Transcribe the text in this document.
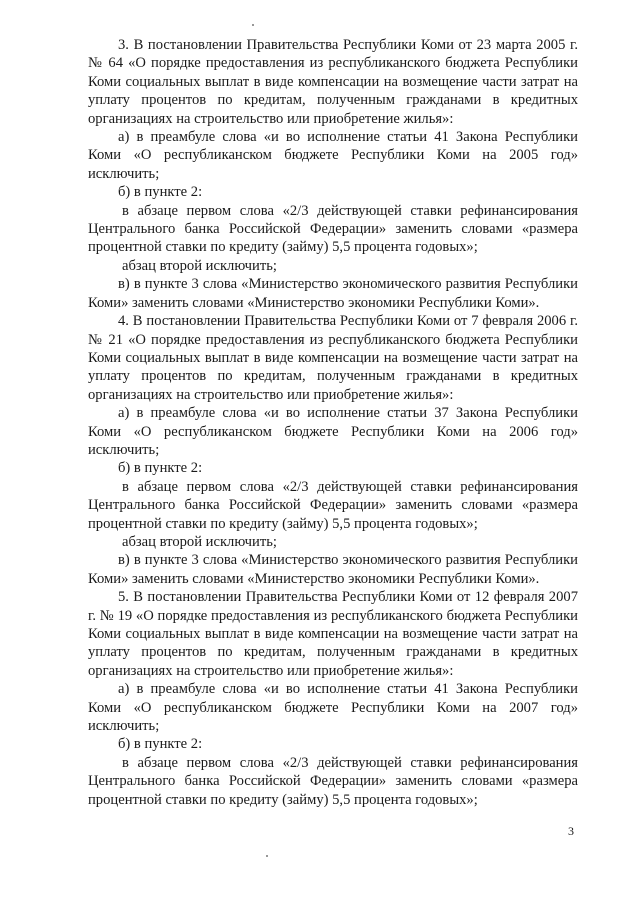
3. В постановлении Правительства Республики Коми от 23 марта 2005 г. № 64 «О порядке предоставления из республиканского бюджета Республики Коми социальных выплат в виде компенсации на возмещение части затрат на уплату процентов по кредитам, полученным гражданами в кредитных организациях на строительство или приобретение жилья»:

а) в преамбуле слова «и во исполнение статьи 41 Закона Республики Коми «О республиканском бюджете Республики Коми на 2005 год» исключить;

б) в пункте 2:

в абзаце первом слова «2/3 действующей ставки рефинансирования Центрального банка Российской Федерации» заменить словами «размера процентной ставки по кредиту (займу) 5,5 процента годовых»;

абзац второй исключить;

в) в пункте 3 слова «Министерство экономического развития Республики Коми» заменить словами «Министерство экономики Республики Коми».

4. В постановлении Правительства Республики Коми от 7 февраля 2006 г. № 21 «О порядке предоставления из республиканского бюджета Республики Коми социальных выплат в виде компенсации на возмещение части затрат на уплату процентов по кредитам, полученным гражданами в кредитных организациях на строительство или приобретение жилья»:

а) в преамбуле слова «и во исполнение статьи 37 Закона Республики Коми «О республиканском бюджете Республики Коми на 2006 год» исключить;

б) в пункте 2:

в абзаце первом слова «2/3 действующей ставки рефинансирования Центрального банка Российской Федерации» заменить словами «размера процентной ставки по кредиту (займу) 5,5 процента годовых»;

абзац второй исключить;

в) в пункте 3 слова «Министерство экономического развития Республики Коми» заменить словами «Министерство экономики Республики Коми».

5. В постановлении Правительства Республики Коми от 12 февраля 2007 г. № 19 «О порядке предоставления из республиканского бюджета Республики Коми социальных выплат в виде компенсации на возмещение части затрат на уплату процентов по кредитам, полученным гражданами в кредитных организациях на строительство или приобретение жилья»:

а) в преамбуле слова «и во исполнение статьи 41 Закона Республики Коми «О республиканском бюджете Республики Коми на 2007 год» исключить;

б) в пункте 2:

в абзаце первом слова «2/3 действующей ставки рефинансирования Центрального банка Российской Федерации» заменить словами «размера процентной ставки по кредиту (займу) 5,5 процента годовых»;

3
